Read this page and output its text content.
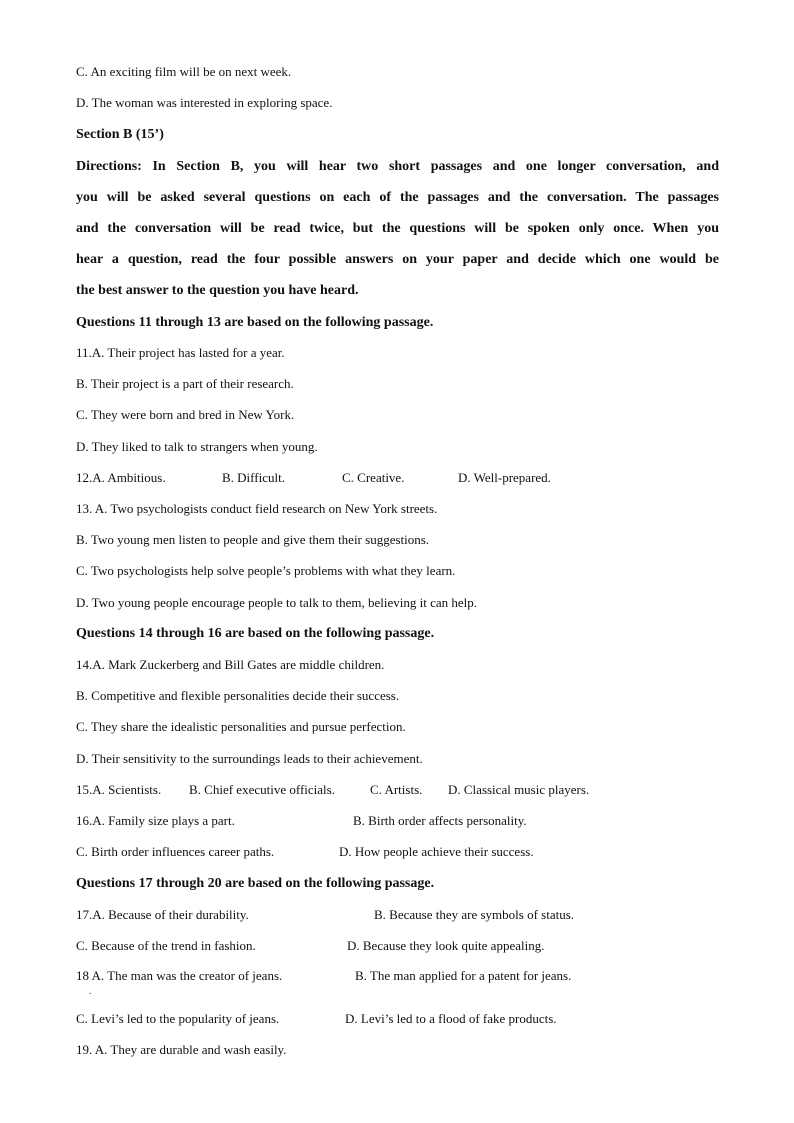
C. An exciting film will be on next week.
D. The woman was interested in exploring space.
Section B (15’)
Directions: In Section B, you will hear two short passages and one longer conversation, and
you will be asked several questions on each of the passages and the conversation. The passages
and the conversation will be read twice, but the questions will be spoken only once. When you
hear a question, read the four possible answers on your paper and decide which one would be
the best answer to the question you have heard.
Questions 11 through 13 are based on the following passage.
11.A. Their project has lasted for a year.
B. Their project is a part of their research.
C. They were born and bred in New York.
D. They liked to talk to strangers when young.
12.A. Ambitious.	B. Difficult.	C. Creative.	D. Well-prepared.
13. A. Two psychologists conduct field research on New York streets.
B. Two young men listen to people and give them their suggestions.
C. Two psychologists help solve people’s problems with what they learn.
D. Two young people encourage people to talk to them, believing it can help.
Questions 14 through 16 are based on the following passage.
14.A. Mark Zuckerberg and Bill Gates are middle children.
B. Competitive and flexible personalities decide their success.
C. They share the idealistic personalities and pursue perfection.
D. Their sensitivity to the surroundings leads to their achievement.
15.A. Scientists. B. Chief executive officials.	C. Artists. D. Classical music players.
16.A. Family size plays a part.	B. Birth order affects personality.
C. Birth order influences career paths.	D. How people achieve their success.
Questions 17 through 20 are based on the following passage.
17.A. Because of their durability.	B. Because they are symbols of status.
C. Because of the trend in fashion.	D. Because they look quite appealing.
18 A. The man was the creator of jeans.	B. The man applied for a patent for jeans.
.
C. Levi’s led to the popularity of jeans.	D. Levi’s led to a flood of fake products.
19. A. They are durable and wash easily.
